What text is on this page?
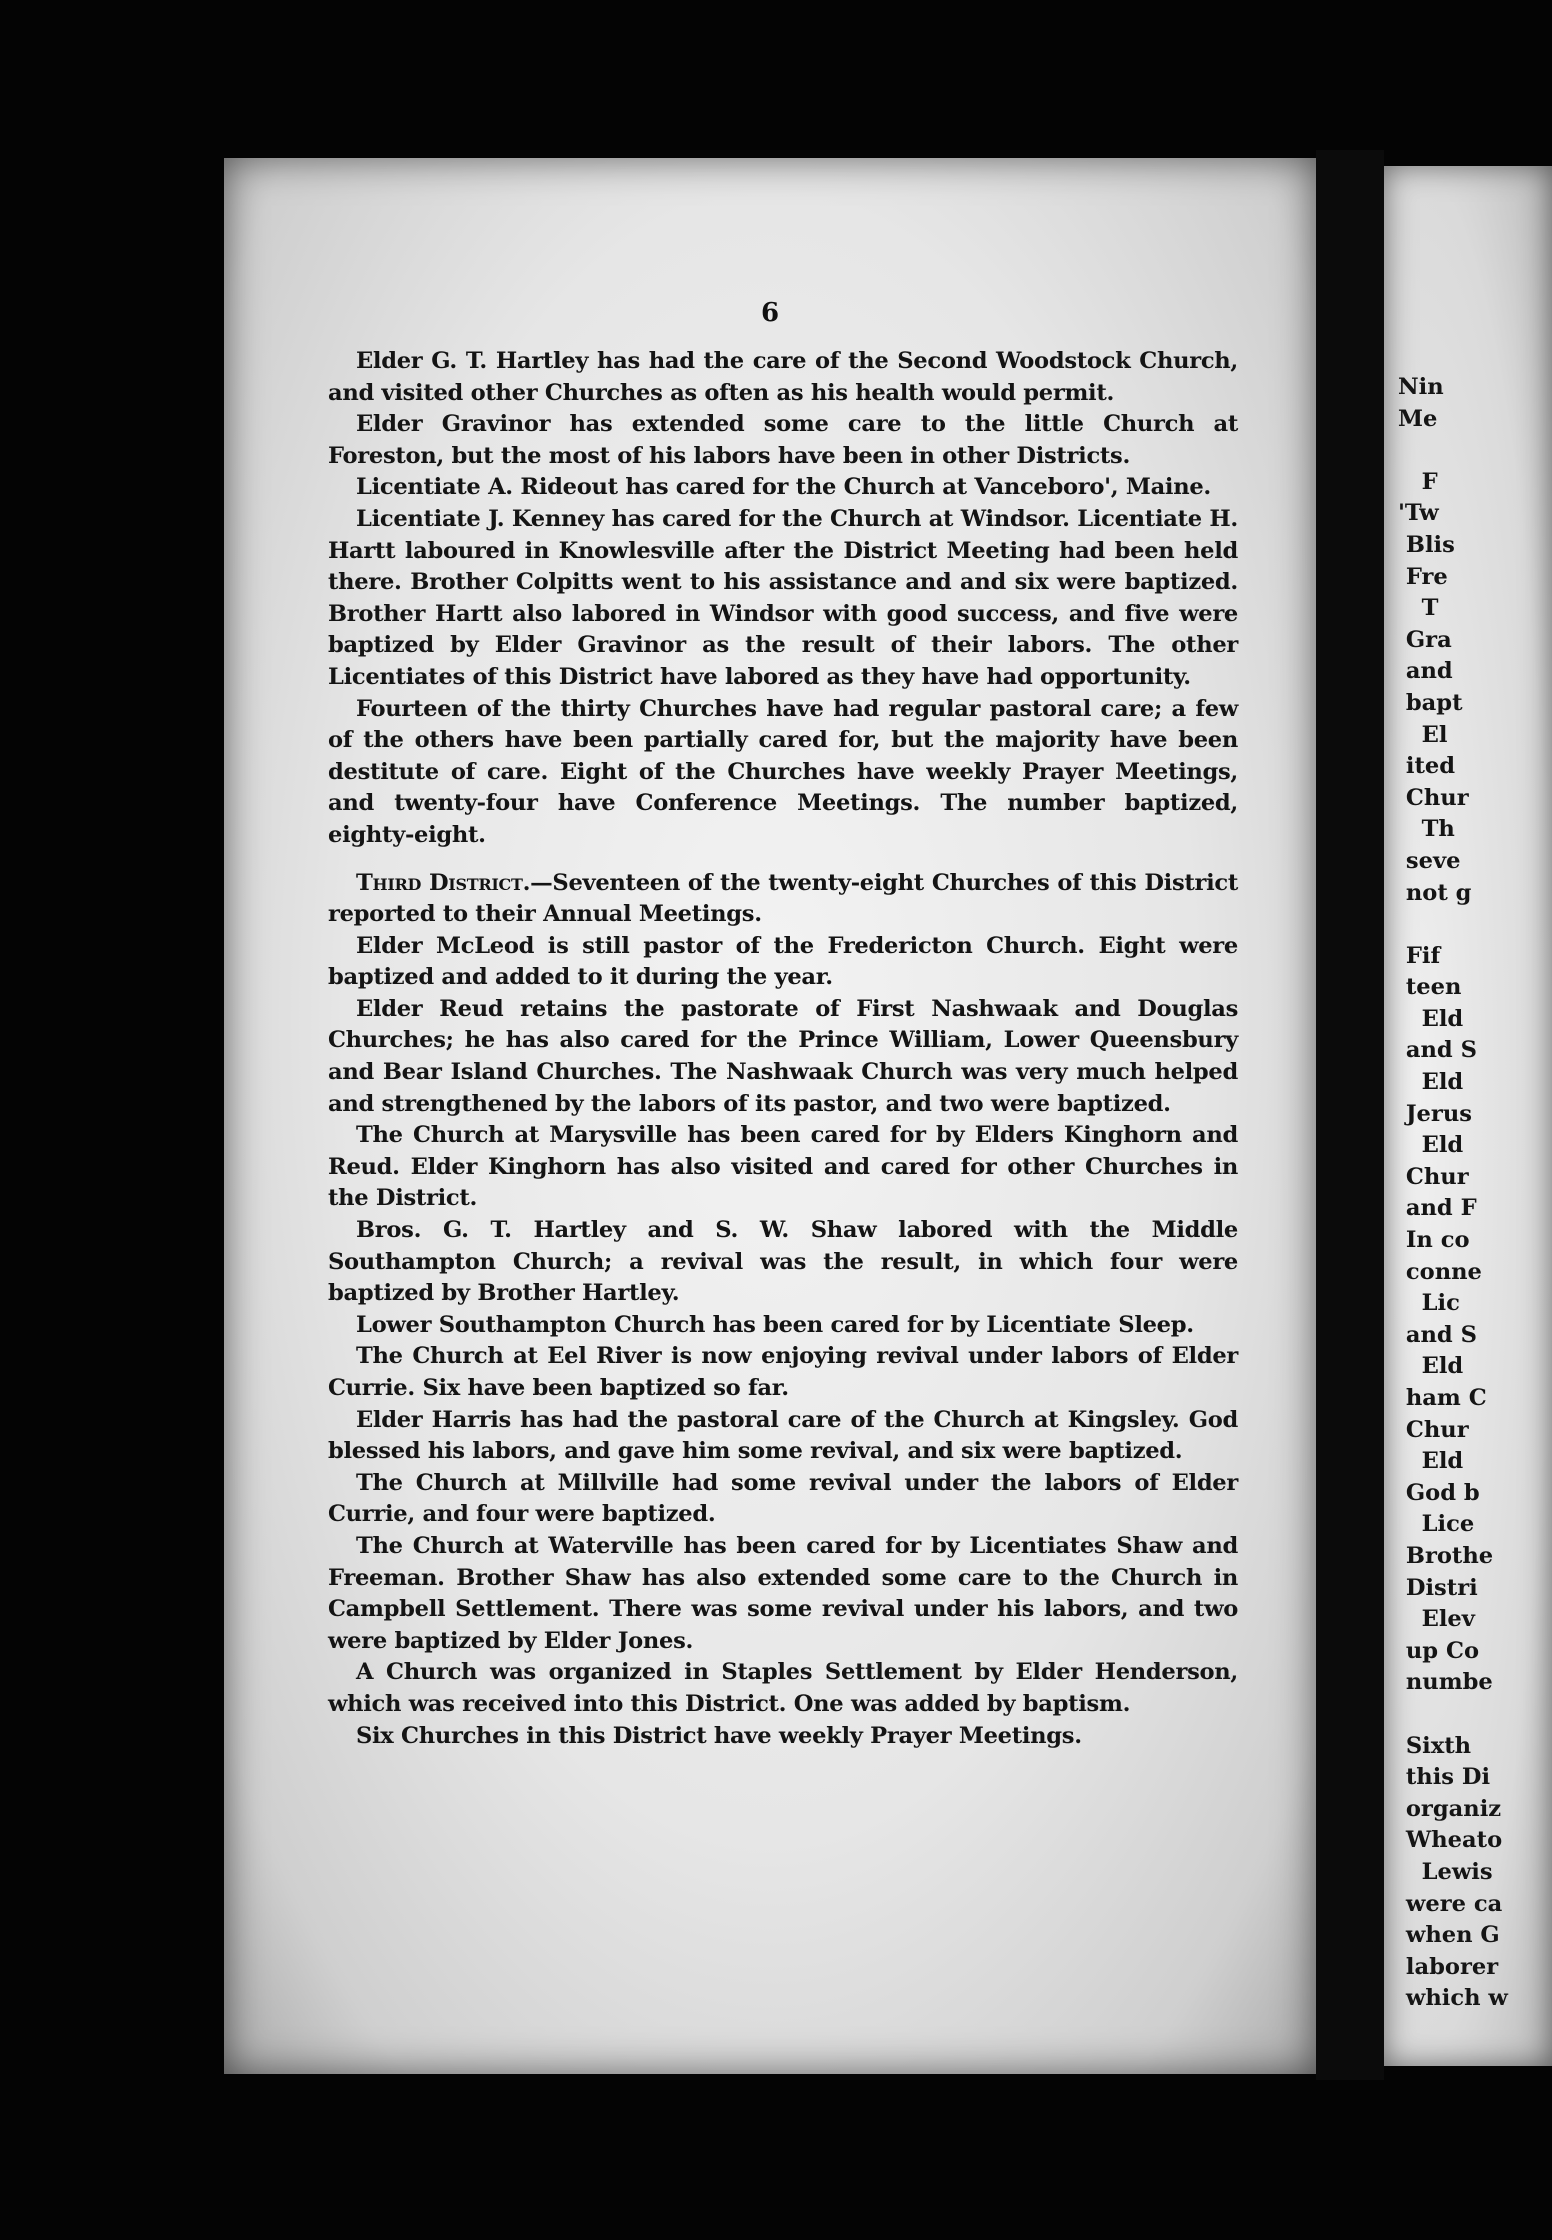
6

Elder G. T. Hartley has had the care of the Second Woodstock Church, and visited other Churches as often as his health would permit.

Elder Gravinor has extended some care to the little Church at Foreston, but the most of his labors have been in other Districts.

Licentiate A. Rideout has cared for the Church at Vanceboro', Maine.

Licentiate J. Kenney has cared for the Church at Windsor. Licentiate H. Hartt laboured in Knowlesville after the District Meeting had been held there. Brother Colpitts went to his assistance and and six were baptized. Brother Hartt also labored in Windsor with good success, and five were baptized by Elder Gravinor as the result of their labors. The other Licentiates of this District have labored as they have had opportunity.

Fourteen of the thirty Churches have had regular pastoral care; a few of the others have been partially cared for, but the majority have been destitute of care. Eight of the Churches have weekly Prayer Meetings, and twenty-four have Conference Meetings. The number baptized, eighty-eight.

Third District.—Seventeen of the twenty-eight Churches of this District reported to their Annual Meetings.

Elder McLeod is still pastor of the Fredericton Church. Eight were baptized and added to it during the year.

Elder Reud retains the pastorate of First Nashwaak and Douglas Churches; he has also cared for the Prince William, Lower Queensbury and Bear Island Churches. The Nashwaak Church was very much helped and strengthened by the labors of its pastor, and two were baptized.

The Church at Marysville has been cared for by Elders Kinghorn and Reud. Elder Kinghorn has also visited and cared for other Churches in the District.

Bros. G. T. Hartley and S. W. Shaw labored with the Middle Southampton Church; a revival was the result, in which four were baptized by Brother Hartley.

Lower Southampton Church has been cared for by Licentiate Sleep.

The Church at Eel River is now enjoying revival under labors of Elder Currie. Six have been baptized so far.

Elder Harris has had the pastoral care of the Church at Kingsley. God blessed his labors, and gave him some revival, and six were baptized.

The Church at Millville had some revival under the labors of Elder Currie, and four were baptized.

The Church at Waterville has been cared for by Licentiates Shaw and Freeman. Brother Shaw has also extended some care to the Church in Campbell Settlement. There was some revival under his labors, and two were baptized by Elder Jones.

A Church was organized in Staples Settlement by Elder Henderson, which was received into this District. One was added by baptism.

Six Churches in this District have weekly Prayer Meetings.

Nin
Me

F
'Tw
Blis
Fre
T
Gra
and
bapt
El
ited
Chur
Th
seve
not g

Fif
teen
Eld
and S
Eld
Jerus
Eld
Chur
and F
In co
conne
Lic
and S
Eld
ham C
Chur
Eld
God b
Lice
Brothe
Distri
Elev
up Co
numbe

Sixth
this Di
organiz
Wheato
Lewis
were ca
when G
laborer
which w
